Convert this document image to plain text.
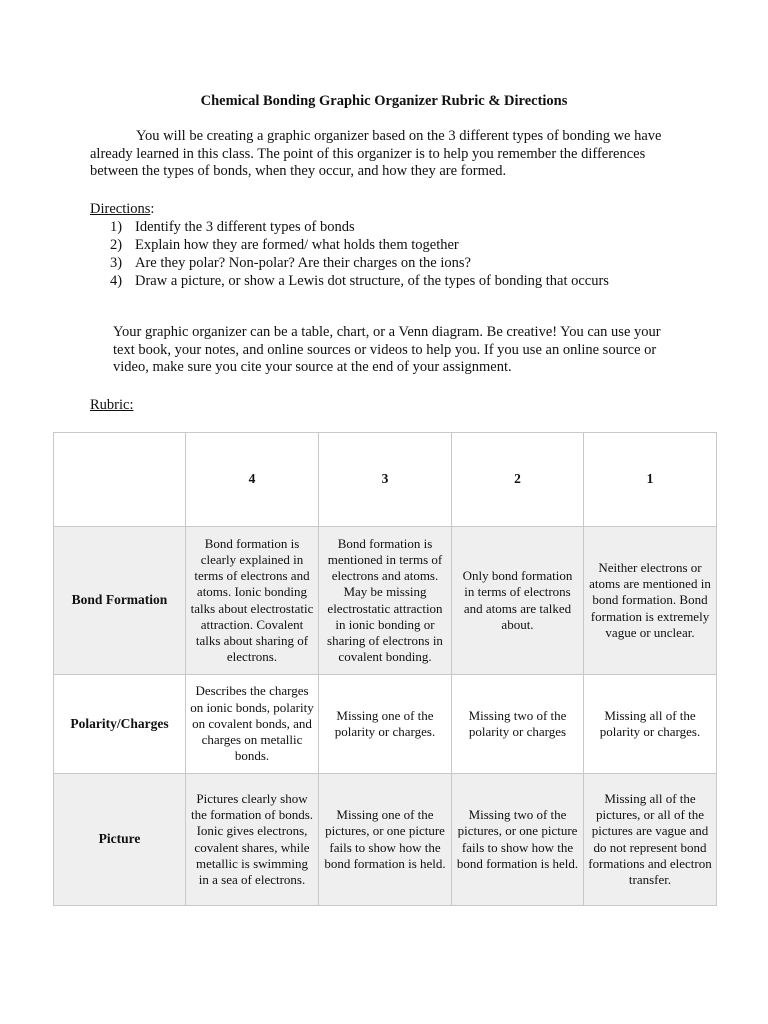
Chemical Bonding Graphic Organizer Rubric & Directions

You will be creating a graphic organizer based on the 3 different types of bonding we have already learned in this class. The point of this organizer is to help you remember the differences between the types of bonds, when they occur, and how they are formed.

Directions:
1) Identify the 3 different types of bonds
2) Explain how they are formed/ what holds them together
3) Are they polar? Non-polar? Are their charges on the ions?
4) Draw a picture, or show a Lewis dot structure, of the types of bonding that occurs

Your graphic organizer can be a table, chart, or a Venn diagram. Be creative! You can use your text book, your notes, and online sources or videos to help you. If you use an online source or video, make sure you cite your source at the end of your assignment.

Rubric:
	4	3	2	1
Bond Formation	Bond formation is clearly explained in terms of electrons and atoms. Ionic bonding talks about electrostatic attraction. Covalent talks about sharing of electrons.	Bond formation is mentioned in terms of electrons and atoms. May be missing electrostatic attraction in ionic bonding or sharing of electrons in covalent bonding.	Only bond formation in terms of electrons and atoms are talked about.	Neither electrons or atoms are mentioned in bond formation. Bond formation is extremely vague or unclear.
Polarity/Charges	Describes the charges on ionic bonds, polarity on covalent bonds, and charges on metallic bonds.	Missing one of the polarity or charges.	Missing two of the polarity or charges	Missing all of the polarity or charges.
Picture	Pictures clearly show the formation of bonds. Ionic gives electrons, covalent shares, while metallic is swimming in a sea of electrons.	Missing one of the pictures, or one picture fails to show how the bond formation is held.	Missing two of the pictures, or one picture fails to show how the bond formation is held.	Missing all of the pictures, or all of the pictures are vague and do not represent bond formations and electron transfer.
